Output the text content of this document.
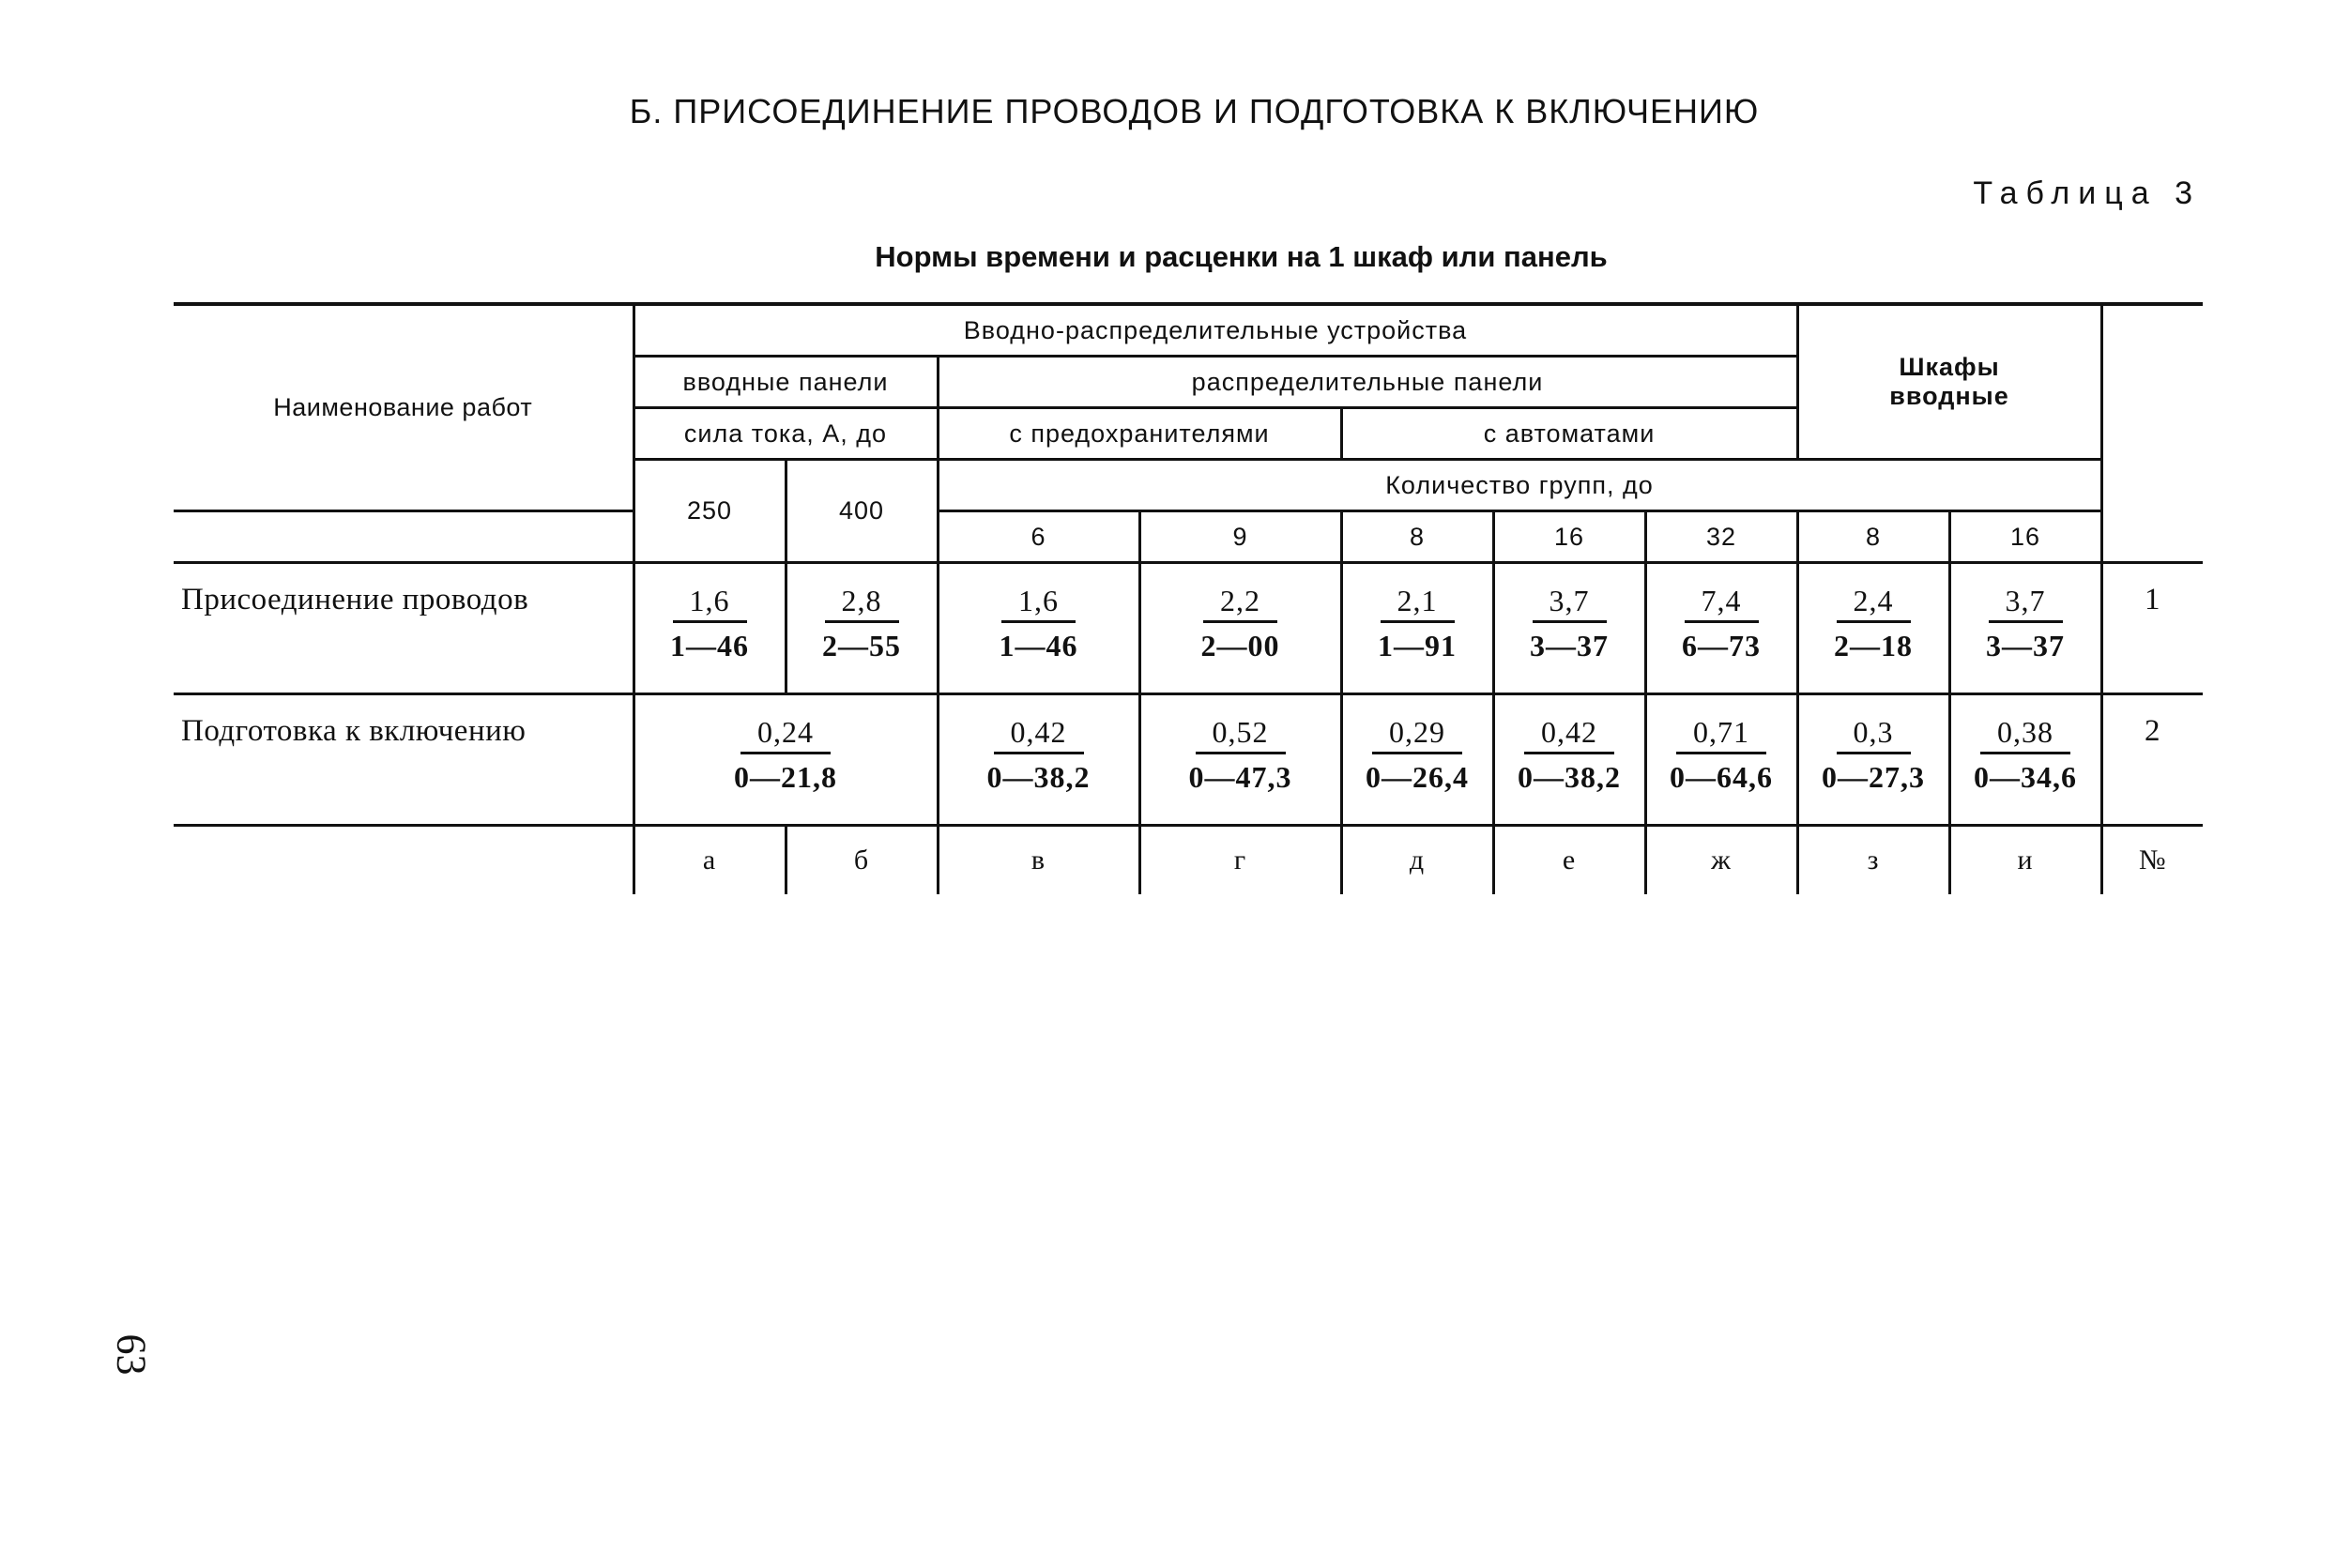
Б. ПРИСОЕДИНЕНИЕ ПРОВОДОВ И ПОДГОТОВКА К ВКЛЮЧЕНИЮ
Таблица 3
Нормы времени и расценки на 1 шкаф или панель
Наименование работ	Вводно-распределительные устройства							Шкафы вводные		
	вводные панели		распределительные панели							
	сила тока, А, до		с предохранителями		с автоматами					
	250	400	Количество групп, до							
			6	9	8	16	32	8	16	
Присоединение проводов	$\frac{1,6}{1—46}$	$\frac{2,8}{2—55}$	$\frac{1,6}{1—46}$	$\frac{2,2}{2—00}$	$\frac{2,1}{1—91}$	$\frac{3,7}{3—37}$	$\frac{7,4}{6—73}$	$\frac{2,4}{2—18}$	$\frac{3,7}{3—37}$	1
Подготовка к включению	$\frac{0,24}{0—21,8}$		$\frac{0,42}{0—38,2}$	$\frac{0,52}{0—47,3}$	$\frac{0,29}{0—26,4}$	$\frac{0,42}{0—38,2}$	$\frac{0,71}{0—64,6}$	$\frac{0,3}{0—27,3}$	$\frac{0,38}{0—34,6}$	2
	а	б	в	г	д	е	ж	з	и	№
63
